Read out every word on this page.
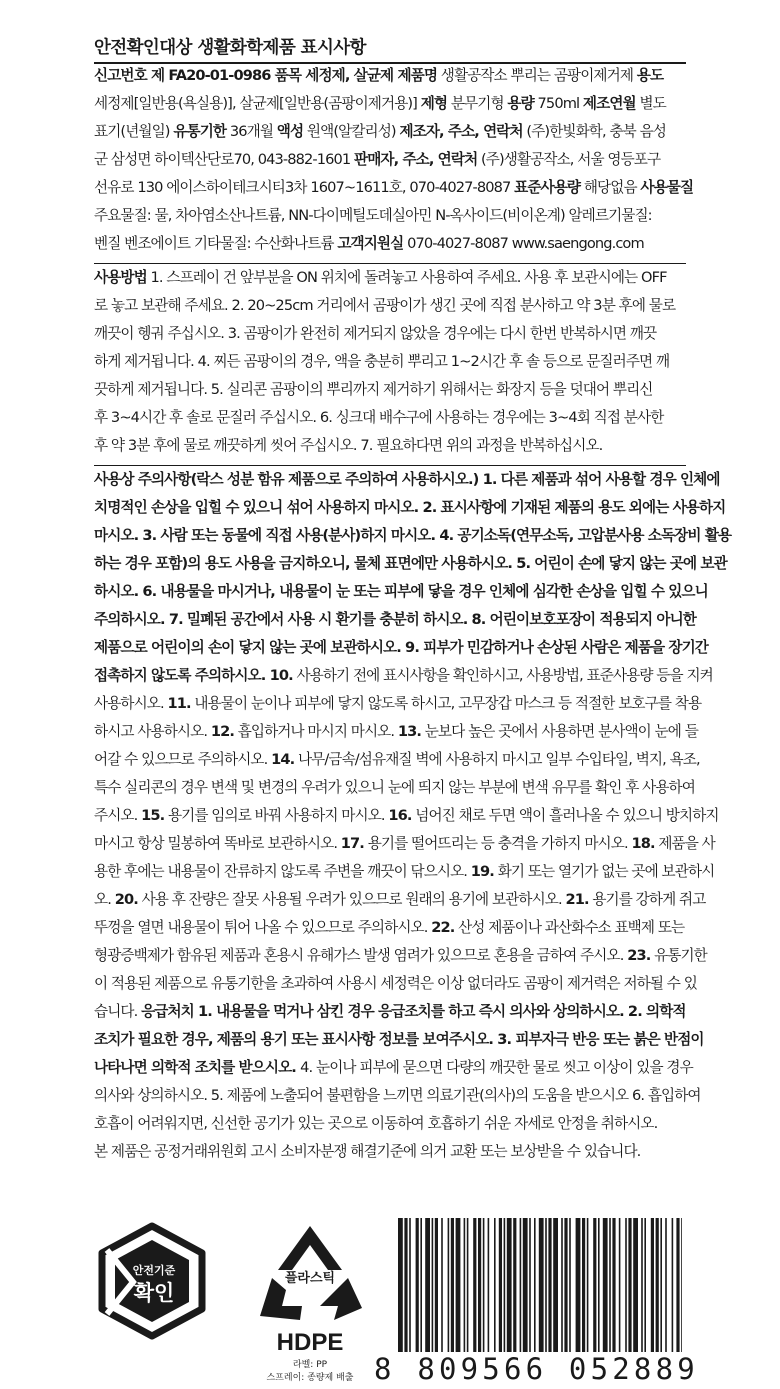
안전확인대상 생활화학제품 표시사항
신고번호 제 FA20-01-0986 품목 세정제, 살균제 제품명 생활공작소 뿌리는 곰팡이제거제 용도
세정제[일반용(욕실용)], 살균제[일반용(곰팡이제거용)] 제형 분무기형 용량 750ml 제조연월 별도
표기(년월일) 유통기한 36개월 액성 원액(알칼리성) 제조자, 주소, 연락처 (주)한빛화학, 충북 음성
군 삼성면 하이텍산단로70, 043-882-1601 판매자, 주소, 연락처 (주)생활공작소, 서울 영등포구
선유로 130 에이스하이테크시티3차 1607~1611호, 070-4027-8087 표준사용량 해당없음 사용물질
주요물질: 물, 차아염소산나트륨, NN-다이메틸도데실아민 N-옥사이드(비이온계) 알레르기물질:
벤질 벤조에이트 기타물질: 수산화나트륨 고객지원실 070-4027-8087 www.saengong.com
사용방법 1. 스프레이 건 앞부분을 ON 위치에 돌려놓고 사용하여 주세요. 사용 후 보관시에는 OFF
로 놓고 보관해 주세요. 2. 20~25cm 거리에서 곰팡이가 생긴 곳에 직접 분사하고 약 3분 후에 물로
깨끗이 헹궈 주십시오. 3. 곰팡이가 완전히 제거되지 않았을 경우에는 다시 한번 반복하시면 깨끗
하게 제거됩니다. 4. 찌든 곰팡이의 경우, 액을 충분히 뿌리고 1~2시간 후 솔 등으로 문질러주면 깨
끗하게 제거됩니다. 5. 실리콘 곰팡이의 뿌리까지 제거하기 위해서는 화장지 등을 덧대어 뿌리신
후 3~4시간 후 솔로 문질러 주십시오. 6. 싱크대 배수구에 사용하는 경우에는 3~4회 직접 분사한
후 약 3분 후에 물로 깨끗하게 씻어 주십시오. 7. 필요하다면 위의 과정을 반복하십시오.
사용상 주의사항(락스 성분 함유 제품으로 주의하여 사용하시오.) 1. 다른 제품과 섞어 사용할 경우 인체에
치명적인 손상을 입힐 수 있으니 섞어 사용하지 마시오. 2. 표시사항에 기재된 제품의 용도 외에는 사용하지
마시오. 3. 사람 또는 동물에 직접 사용(분사)하지 마시오. 4. 공기소독(연무소독, 고압분사용 소독장비 활용
하는 경우 포함)의 용도 사용을 금지하오니, 물체 표면에만 사용하시오. 5. 어린이 손에 닿지 않는 곳에 보관
하시오. 6. 내용물을 마시거나, 내용물이 눈 또는 피부에 닿을 경우 인체에 심각한 손상을 입힐 수 있으니
주의하시오. 7. 밀폐된 공간에서 사용 시 환기를 충분히 하시오. 8. 어린이보호포장이 적용되지 아니한
제품으로 어린이의 손이 닿지 않는 곳에 보관하시오. 9. 피부가 민감하거나 손상된 사람은 제품을 장기간
접촉하지 않도록 주의하시오. 10. 사용하기 전에 표시사항을 확인하시고, 사용방법, 표준사용량 등을 지켜
사용하시오. 11. 내용물이 눈이나 피부에 닿지 않도록 하시고, 고무장갑 마스크 등 적절한 보호구를 착용
하시고 사용하시오. 12. 흡입하거나 마시지 마시오. 13. 눈보다 높은 곳에서 사용하면 분사액이 눈에 들
어갈 수 있으므로 주의하시오. 14. 나무/금속/섬유재질 벽에 사용하지 마시고 일부 수입타일, 벽지, 욕조,
특수 실리콘의 경우 변색 및 변경의 우려가 있으니 눈에 띄지 않는 부분에 변색 유무를 확인 후 사용하여
주시오. 15. 용기를 임의로 바꿔 사용하지 마시오. 16. 넘어진 채로 두면 액이 흘러나올 수 있으니 방치하지
마시고 항상 밀봉하여 똑바로 보관하시오. 17. 용기를 떨어뜨리는 등 충격을 가하지 마시오. 18. 제품을 사
용한 후에는 내용물이 잔류하지 않도록 주변을 깨끗이 닦으시오. 19. 화기 또는 열기가 없는 곳에 보관하시
오. 20. 사용 후 잔량은 잘못 사용될 우려가 있으므로 원래의 용기에 보관하시오. 21. 용기를 강하게 쥐고
뚜껑을 열면 내용물이 튀어 나올 수 있으므로 주의하시오. 22. 산성 제품이나 과산화수소 표백제 또는
형광증백제가 함유된 제품과 혼용시 유해가스 발생 염려가 있으므로 혼용을 금하여 주시오. 23. 유통기한
이 적용된 제품으로 유통기한을 초과하여 사용시 세정력은 이상 없더라도 곰팡이 제거력은 저하될 수 있
습니다. 응급처치 1. 내용물을 먹거나 삼킨 경우 응급조치를 하고 즉시 의사와 상의하시오. 2. 의학적
조치가 필요한 경우, 제품의 용기 또는 표시사항 정보를 보여주시오. 3. 피부자극 반응 또는 붉은 반점이
나타나면 의학적 조치를 받으시오. 4. 눈이나 피부에 묻으면 다량의 깨끗한 물로 씻고 이상이 있을 경우
의사와 상의하시오. 5. 제품에 노출되어 불편함을 느끼면 의료기관(의사)의 도움을 받으시오 6. 흡입하여
호흡이 어려워지면, 신선한 공기가 있는 곳으로 이동하여 호흡하기 쉬운 자세로 안정을 취하시오.
본 제품은 공정거래위원회 고시 소비자분쟁 해결기준에 의거 교환 또는 보상받을 수 있습니다.
안전기준
확인
플라스틱
HDPE
라벨: PP
스프레이: 종량제 배출 8 809566 052889
